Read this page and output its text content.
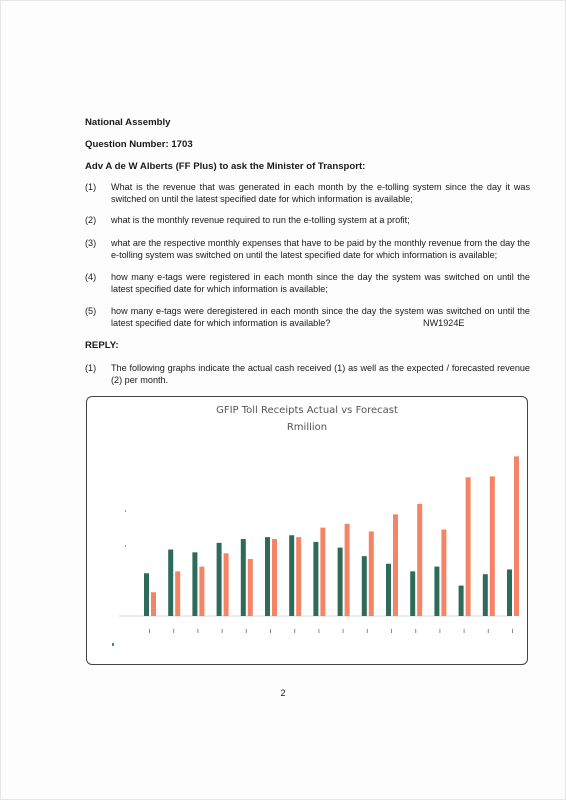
National Assembly

Question Number: 1703

Adv A de W Alberts (FF Plus) to ask the Minister of Transport:

(1) What is the revenue that was generated in each month by the e-tolling system since the day it was switched on until the latest specified date for which information is available;
(2) what is the monthly revenue required to run the e-tolling system at a profit;
(3) what are the respective monthly expenses that have to be paid by the monthly revenue from the day the e-tolling system was switched on until the latest specified date for which information is available;
(4) how many e-tags were registered in each month since the day the system was switched on until the latest specified date for which information is available;
(5) how many e-tags were deregistered in each month since the day the system was switched on until the latest specified date for which information is available?	NW1924E

REPLY:

(1) The following graphs indicate the actual cash received (1) as well as the expected / forecasted revenue (2) per month.
GFIP Toll Receipts Actual vs Forecast
Rmillion
2
